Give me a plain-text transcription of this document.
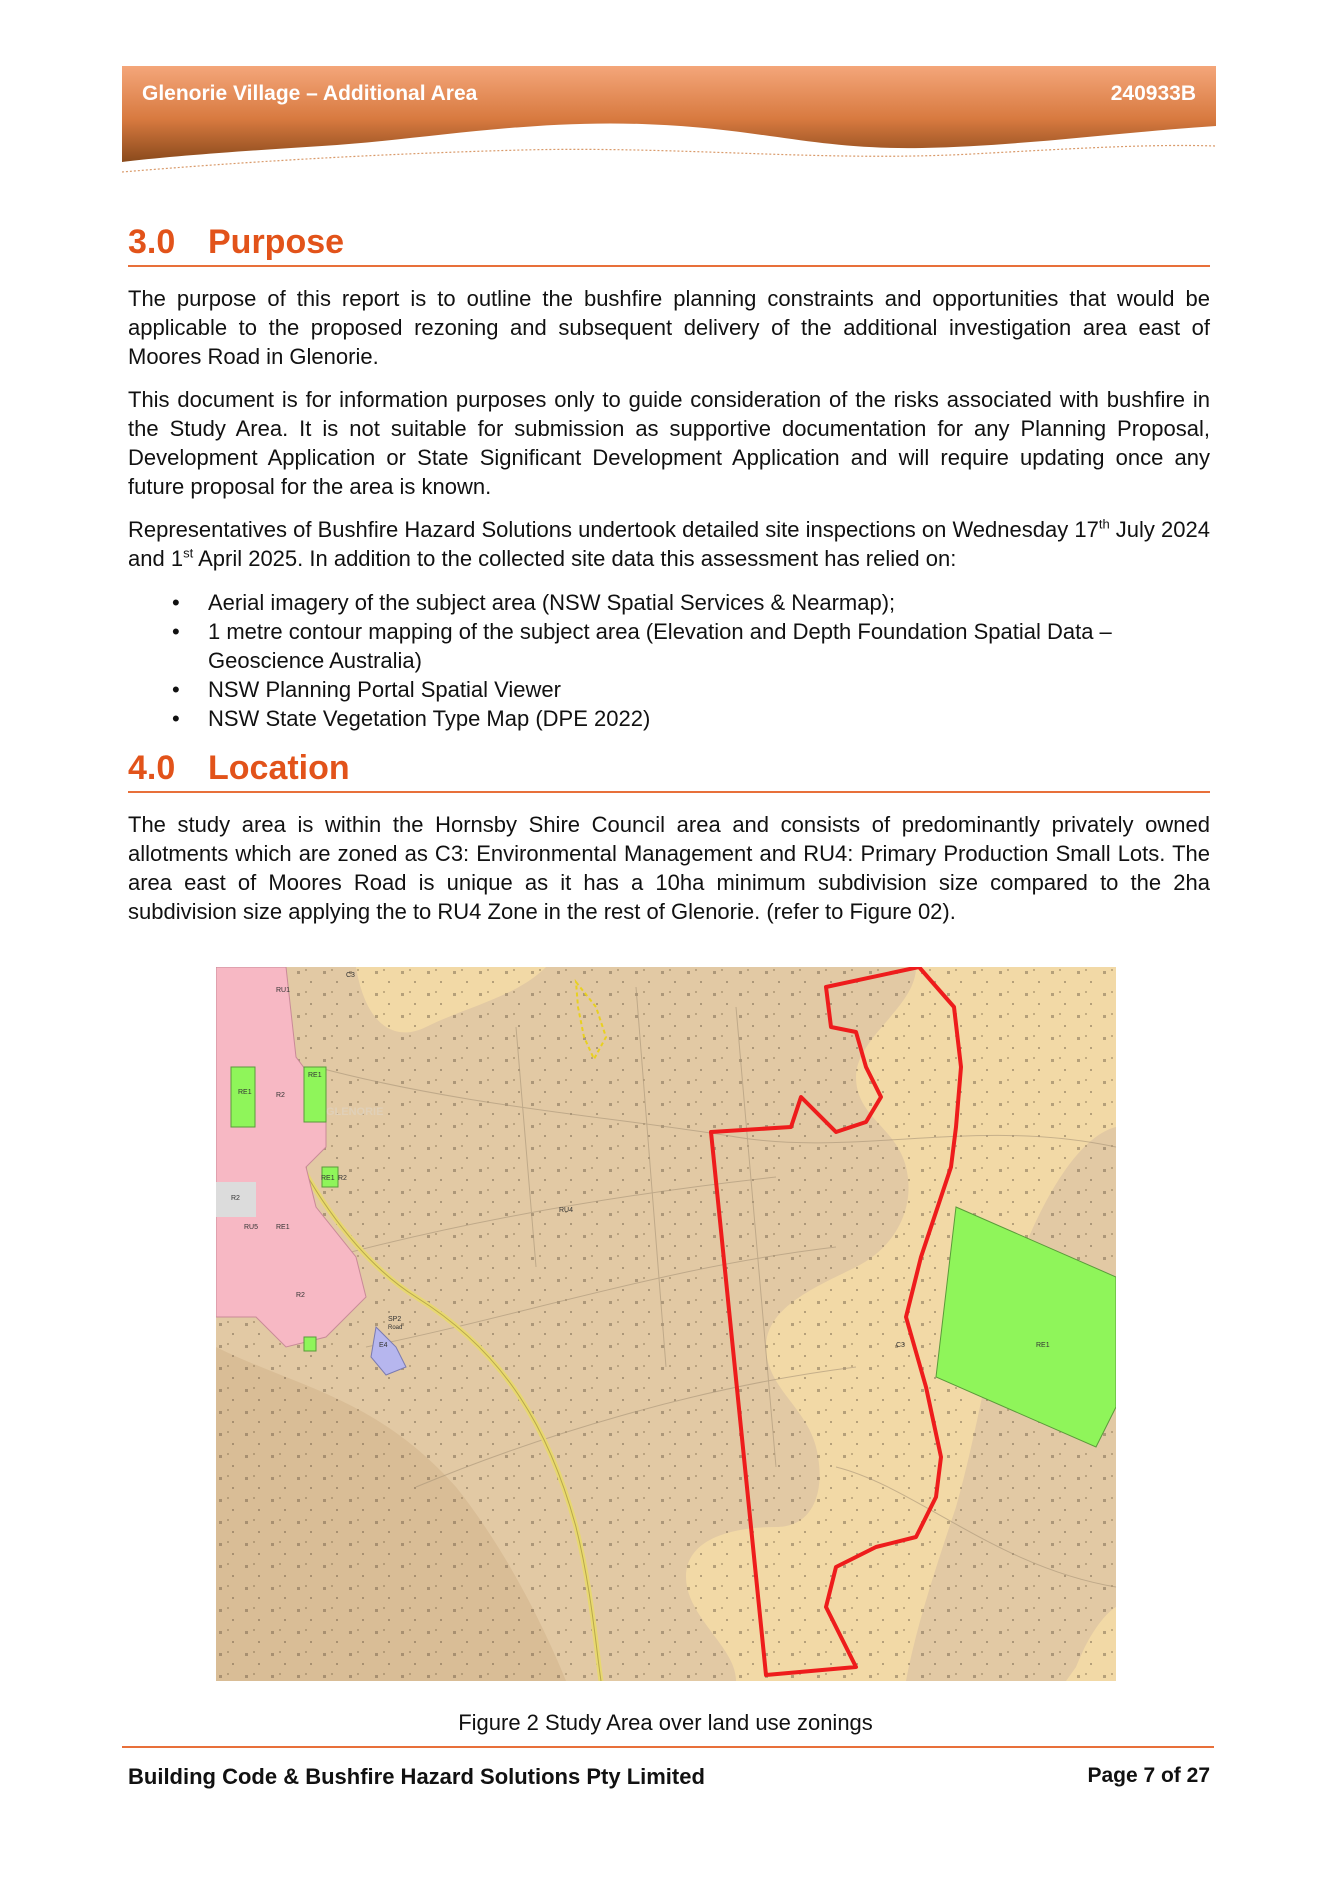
Glenorie Village – Additional Area	240933B
3.0 Purpose
The purpose of this report is to outline the bushfire planning constraints and opportunities that would be applicable to the proposed rezoning and subsequent delivery of the additional investigation area east of Moores Road in Glenorie.
This document is for information purposes only to guide consideration of the risks associated with bushfire in the Study Area. It is not suitable for submission as supportive documentation for any Planning Proposal, Development Application or State Significant Development Application and will require updating once any future proposal for the area is known.
Representatives of Bushfire Hazard Solutions undertook detailed site inspections on Wednesday 17th July 2024 and 1st April 2025. In addition to the collected site data this assessment has relied on:
• Aerial imagery of the subject area (NSW Spatial Services & Nearmap);
• 1 metre contour mapping of the subject area (Elevation and Depth Foundation Spatial Data – Geoscience Australia)
• NSW Planning Portal Spatial Viewer
• NSW State Vegetation Type Map (DPE 2022)
4.0 Location
The study area is within the Hornsby Shire Council area and consists of predominantly privately owned allotments which are zoned as C3: Environmental Management and RU4: Primary Production Small Lots. The area east of Moores Road is unique as it has a 10ha minimum subdivision size compared to the 2ha subdivision size applying the to RU4 Zone in the rest of Glenorie. (refer to Figure 02).
RU1
RE1	R2
RE1
RE1 R2
R2
RU5	RE1
R2
RU4
C3
C3
RE1
SP2
Road
E4
GLENORIE
Figure 2 Study Area over land use zonings
Building Code & Bushfire Hazard Solutions Pty Limited	Page 7 of 27
